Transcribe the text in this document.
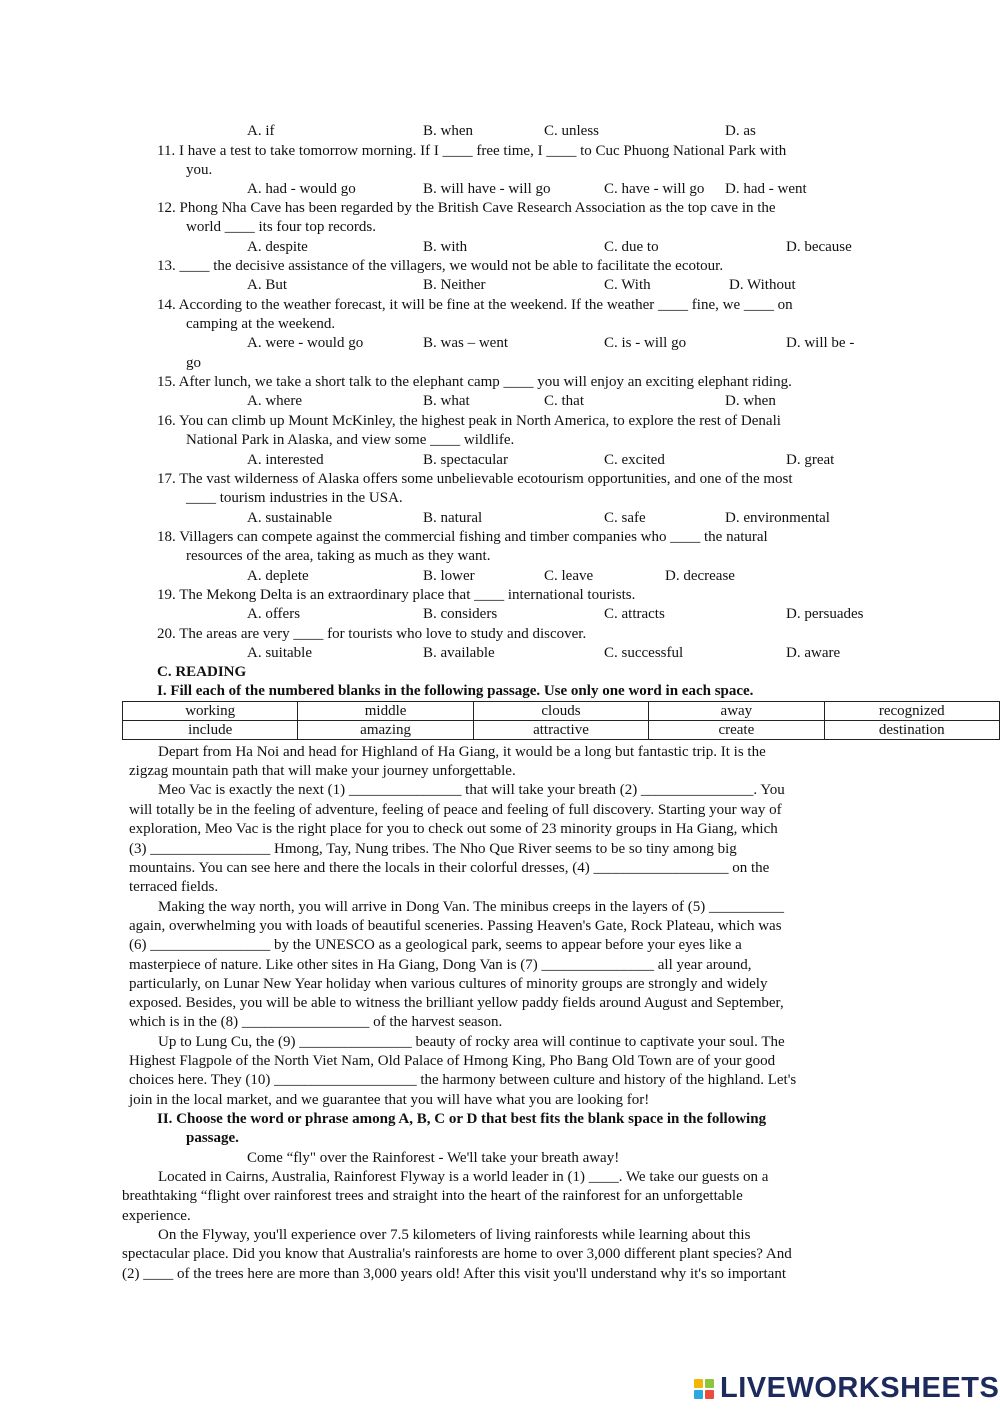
A. if	B. when	C. unless	D. as
11. I have a test to take tomorrow morning. If I ____ free time, I ____ to Cuc Phuong National Park with
you.
A. had - would go	B. will have - will go	C. have - will go D. had - went
12. Phong Nha Cave has been regarded by the British Cave Research Association as the top cave in the
world ____ its four top records.
A. despite	B. with	C. due to	D. because
13. ____ the decisive assistance of the villagers, we would not be able to facilitate the ecotour.
A. But	B. Neither	C. With	D. Without
14. According to the weather forecast, it will be fine at the weekend. If the weather ____ fine, we ____ on
camping at the weekend.
A. were - would go	B. was – went	C. is - will go	D. will be -
go
15. After lunch, we take a short talk to the elephant camp ____ you will enjoy an exciting elephant riding.
A. where	B. what	C. that	D. when
16. You can climb up Mount McKinley, the highest peak in North America, to explore the rest of Denali
National Park in Alaska, and view some ____ wildlife.
A. interested	B. spectacular	C. excited	D. great
17. The vast wilderness of Alaska offers some unbelievable ecotourism opportunities, and one of the most
____ tourism industries in the USA.
A. sustainable	B. natural	C. safe	D. environmental
18. Villagers can compete against the commercial fishing and timber companies who ____ the natural
resources of the area, taking as much as they want.
A. deplete	B. lower	C. leave	D. decrease
19. The Mekong Delta is an extraordinary place that ____ international tourists.
A. offers	B. considers	C. attracts	D. persuades
20. The areas are very ____ for tourists who love to study and discover.
A. suitable	B. available	C. successful	D. aware
C. READING
I. Fill each of the numbered blanks in the following passage. Use only one word in each space.
working	middle	clouds	away	recognized
include	amazing	attractive	create	destination
Depart from Ha Noi and head for Highland of Ha Giang, it would be a long but fantastic trip. It is the
zigzag mountain path that will make your journey unforgettable.
Meo Vac is exactly the next (1) _______________ that will take your breath (2) _______________. You
will totally be in the feeling of adventure, feeling of peace and feeling of full discovery. Starting your way of
exploration, Meo Vac is the right place for you to check out some of 23 minority groups in Ha Giang, which
(3) ________________ Hmong, Tay, Nung tribes. The Nho Que River seems to be so tiny among big
mountains. You can see here and there the locals in their colorful dresses, (4) __________________ on the
terraced fields.
Making the way north, you will arrive in Dong Van. The minibus creeps in the layers of (5) __________
again, overwhelming you with loads of beautiful sceneries. Passing Heaven's Gate, Rock Plateau, which was
(6) ________________ by the UNESCO as a geological park, seems to appear before your eyes like a
masterpiece of nature. Like other sites in Ha Giang, Dong Van is (7) _______________ all year around,
particularly, on Lunar New Year holiday when various cultures of minority groups are strongly and widely
exposed. Besides, you will be able to witness the brilliant yellow paddy fields around August and September,
which is in the (8) _________________ of the harvest season.
Up to Lung Cu, the (9) _______________ beauty of rocky area will continue to captivate your soul. The
Highest Flagpole of the North Viet Nam, Old Palace of Hmong King, Pho Bang Old Town are of your good
choices here. They (10) ___________________ the harmony between culture and history of the highland. Let's
join in the local market, and we guarantee that you will have what you are looking for!
II. Choose the word or phrase among A, B, C or D that best fits the blank space in the following
passage.
Come “fly" over the Rainforest - We'll take your breath away!
Located in Cairns, Australia, Rainforest Flyway is a world leader in (1) ____. We take our guests on a
breathtaking “flight over rainforest trees and straight into the heart of the rainforest for an unforgettable
experience.
On the Flyway, you'll experience over 7.5 kilometers of living rainforests while learning about this
spectacular place. Did you know that Australia's rainforests are home to over 3,000 different plant species? And
(2) ____ of the trees here are more than 3,000 years old! After this visit you'll understand why it's so important
LIVEWORKSHEETS
